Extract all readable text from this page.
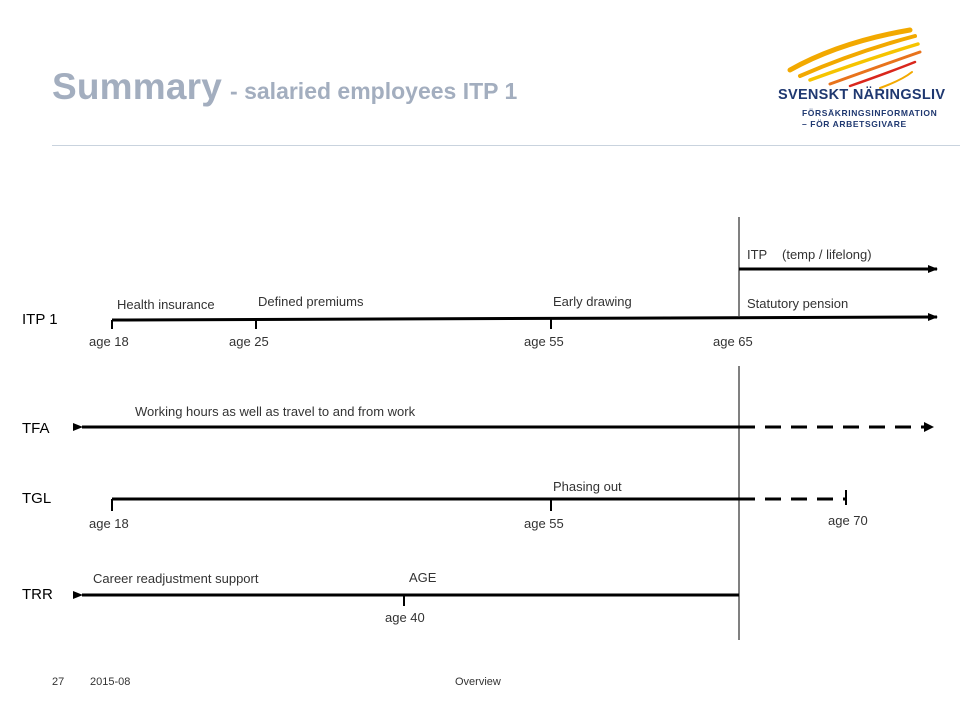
Summary - salaried employees ITP 1	SVENSKT NÄRINGSLIV
FÖRSÄKRINGSINFORMATION
– FÖR ARBETSGIVARE
ITP (temp / lifelong)
ITP 1
Health insurance	Defined premiums	Early drawing	Statutory pension
age 18	age 25	age 55	age 65
TFA
Working hours as well as travel to and from work
TGL
Phasing out
age 18	age 55	age 70
TRR
Career readjustment support	AGE
age 40
27 2015-08	Overview
